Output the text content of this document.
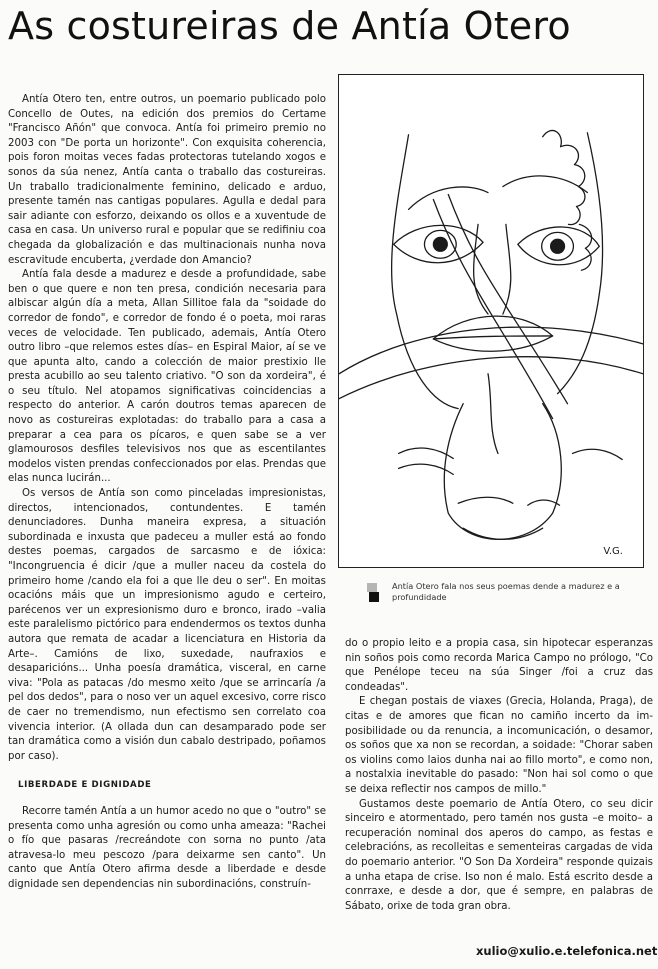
As costureiras de Antía Otero

Antía Otero ten, entre outros, un poemario publicado polo Concello de Outes, na edición dos premios do Certame "Francisco Añón" que convoca. Antía foi primeiro premio no 2003 con "De porta un horizonte". Con exquisita coherencia, pois foron moitas veces fadas protectoras tutelando xogos e sonos da súa nenez, Antía canta o traballo das costureiras. Un traballo tradicionalmente feminino, delicado e arduo, presente tamén nas cantigas populares. Agulla e dedal para sair adiante con esforzo, deixando os ollos e a xuventude de casa en casa. Un universo rural e popular que se redifiniu coa chegada da globalización e das multinacionais nunha nova escravitude encuberta, ¿verdade don Amancio?

Antía fala desde a madurez e desde a profundidade, sabe ben o que quere e non ten presa, condición necesaria para albiscar algún día a meta, Allan Sillitoe fala da "soidade do corredor de fondo", e corredor de fondo é o poeta, moi raras veces de velocidade. Ten publicado, ademais, Antía Otero outro libro –que relemos estes días– en Espiral Maior, aí se ve que apunta alto, cando a colección de maior prestixio lle presta acubillo ao seu talento criativo. "O son da xordeira", é o seu título. Nel atopamos significativas coincidencias a respecto do anterior. A carón doutros temas aparecen de novo as costureiras explotadas: do traballo para a casa a preparar a cea para os pícaros, e quen sabe se a ver glamourosos desfiles televisivos nos que as escentilantes modelos visten prendas confeccionados por elas. Prendas que elas nunca lucirán...

Os versos de Antía son como pinceladas impresionistas, directos, intencionados, contundentes. E tamén denunciadores. Dunha maneira expresa, a situación subordinada e inxusta que padeceu a muller está ao fondo destes poemas, cargados de sarcasmo e de ióxica: "Incongruencia é dicir /que a muller naceu da costela do primeiro home /cando ela foi a que lle deu o ser". En moitas ocacións máis que un impresionismo agudo e certeiro, parécenos ver un expresionismo duro e bronco, irado –valia este paralelismo pictórico para endendermos os textos dunha autora que remata de acadar a licenciatura en Historia da Arte–. Camións de lixo, suxedade, naufraxios e desaparicións... Unha poesía dramática, visceral, en carne viva: "Pola as patacas /do mesmo xeito /que se arrincaría /a pel dos dedos", para o noso ver un aquel excesivo, corre risco de caer no tremendismo, nun efectismo sen correlato coa vivencia interior. (A ollada dun can desamparado pode ser tan dramática como a visión dun cabalo destripado, poñamos por caso).

LIBERDADE E DIGNIDADE

Recorre tamén Antía a un humor acedo no que o "outro" se presenta como unha agresión ou como unha ameaza: "Rachei o fío que pasaras /recreándote con sorna no punto /ata atravesa-lo meu pescozo /para deixarme sen canto". Un canto que Antía Otero afirma desde a liberdade e desde dignidade sen dependencias nin subordinacións, construín-

V.G.
Antía Otero fala nos seus poemas dende a madurez e a profundidade

do o propio leito e a propia casa, sin hipotecar esperanzas nin soños pois como recorda Marica Campo no prólogo, "Co que Penélope teceu na súa Singer /foi a cruz das condeadas".

E chegan postais de viaxes (Grecia, Holanda, Praga), de citas e de amores que fican no camiño incerto da im-posibilidade ou da renuncia, a incomunicación, o desamor, os soños que xa non se recordan, a soidade: "Chorar saben os violins como laios dunha nai ao fillo morto", e como non, a nostalxia inevitable do pasado: "Non hai sol como o que se deixa reflectir nos campos de millo."

Gustamos deste poemario de Antía Otero, co seu dicir sinceiro e atormentado, pero tamén nos gusta –e moito– a recuperación nominal dos aperos do campo, as festas e celebracións, as recolleitas e sementeiras cargadas de vida do poemario anterior. "O Son Da Xordeira" responde quizais a unha etapa de crise. Iso non é malo. Está escrito desde a conrraxe, e desde a dor, que é sempre, en palabras de Sábato, orixe de toda gran obra.

xulio@xulio.e.telefonica.net
